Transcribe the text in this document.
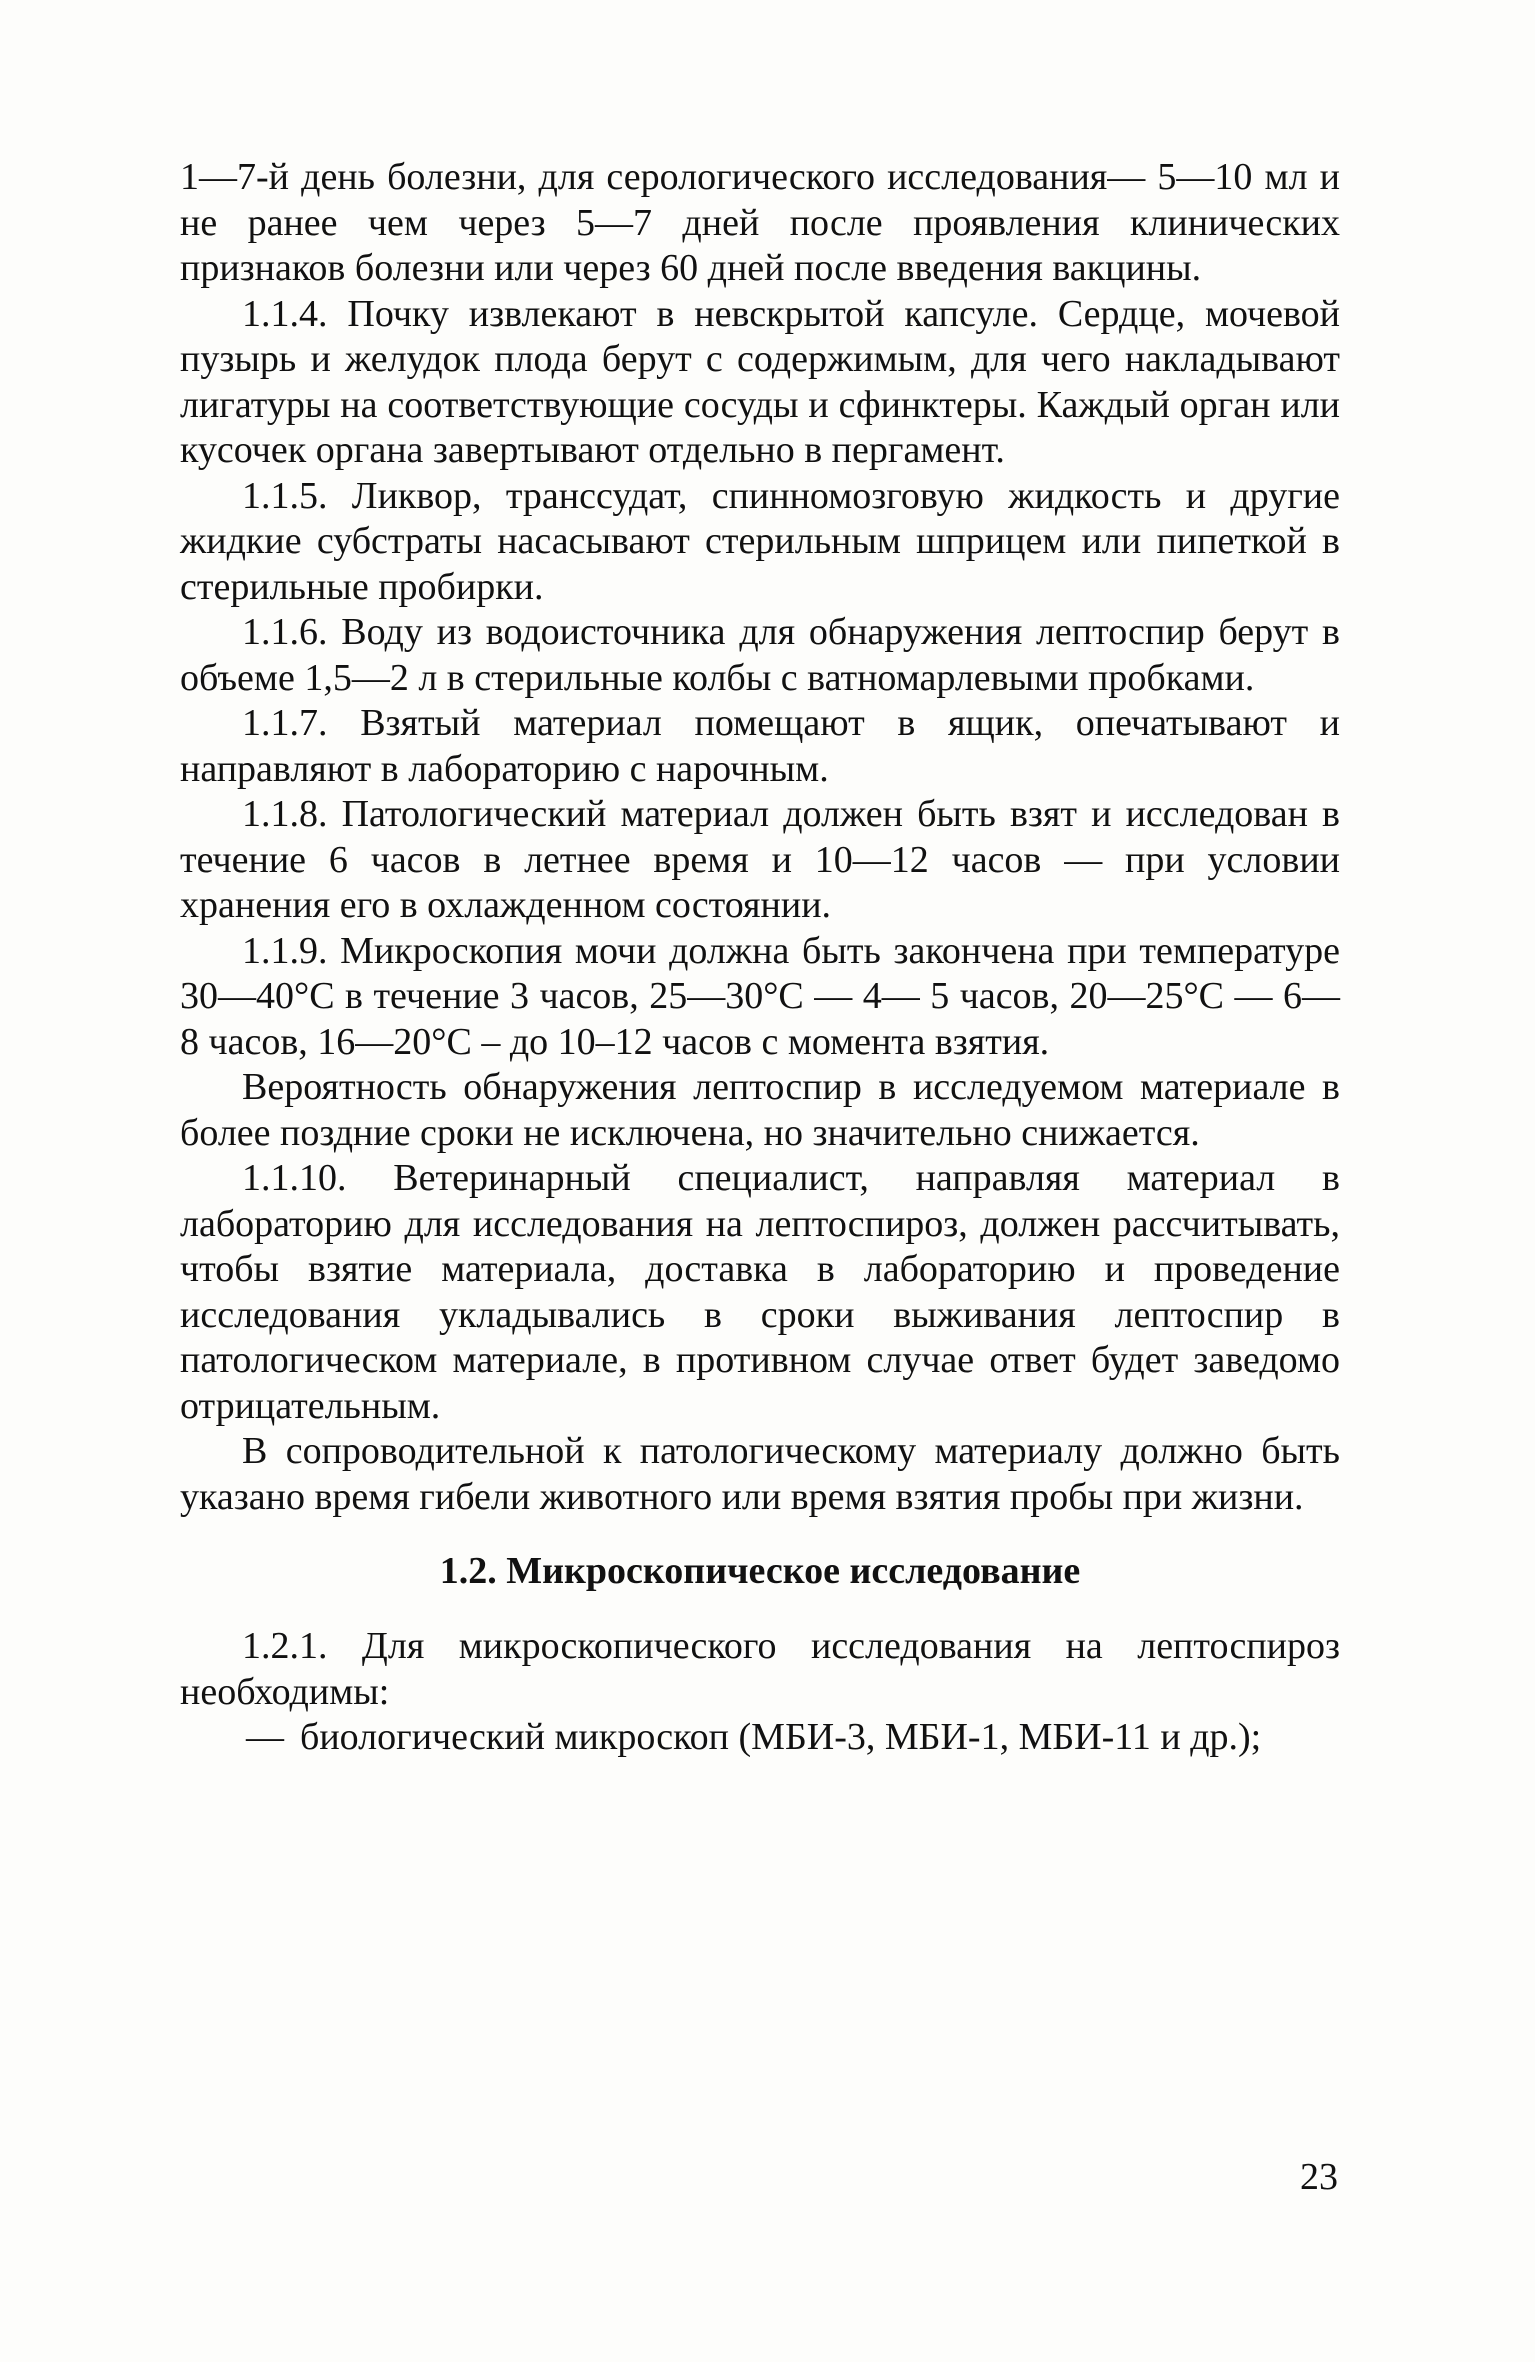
1—7-й день болезни, для серологического исследования— 5—10 мл и не ранее чем через 5—7 дней после проявления клинических признаков болезни или через 60 дней после введения вакцины.

1.1.4. Почку извлекают в невскрытой капсуле. Сердце, мочевой пузырь и желудок плода берут с содержимым, для чего накладывают лигатуры на соответствующие сосуды и сфинктеры. Каждый орган или кусочек органа завертывают отдельно в пергамент.

1.1.5. Ликвор, транссудат, спинномозговую жидкость и другие жидкие субстраты насасывают стерильным шприцем или пипеткой в стерильные пробирки.

1.1.6. Воду из водоисточника для обнаружения лептоспир берут в объеме 1,5—2 л в стерильные колбы с ватномарлевыми пробками.

1.1.7. Взятый материал помещают в ящик, опечатывают и направляют в лабораторию с нарочным.

1.1.8. Патологический материал должен быть взят и исследован в течение 6 часов в летнее время и 10—12 часов — при условии хранения его в охлажденном состоянии.

1.1.9. Микроскопия мочи должна быть закончена при температуре 30—40°С в течение 3 часов, 25—30°С — 4— 5 часов, 20—25°С — 6—8 часов, 16—20°С – до 10–12 часов с момента взятия.

Вероятность обнаружения лептоспир в исследуемом материале в более поздние сроки не исключена, но значительно снижается.

1.1.10. Ветеринарный специалист, направляя материал в лабораторию для исследования на лептоспироз, должен рассчитывать, чтобы взятие материала, доставка в лабораторию и проведение исследования укладывались в сроки выживания лептоспир в патологическом материале, в противном случае ответ будет заведомо отрицательным.

В сопроводительной к патологическому материалу должно быть указано время гибели животного или время взятия пробы при жизни.

1.2. Микроскопическое исследование

1.2.1. Для микроскопического исследования на лептоспироз необходимы:

— биологический микроскоп (МБИ-3, МБИ-1, МБИ-11 и др.);
23
